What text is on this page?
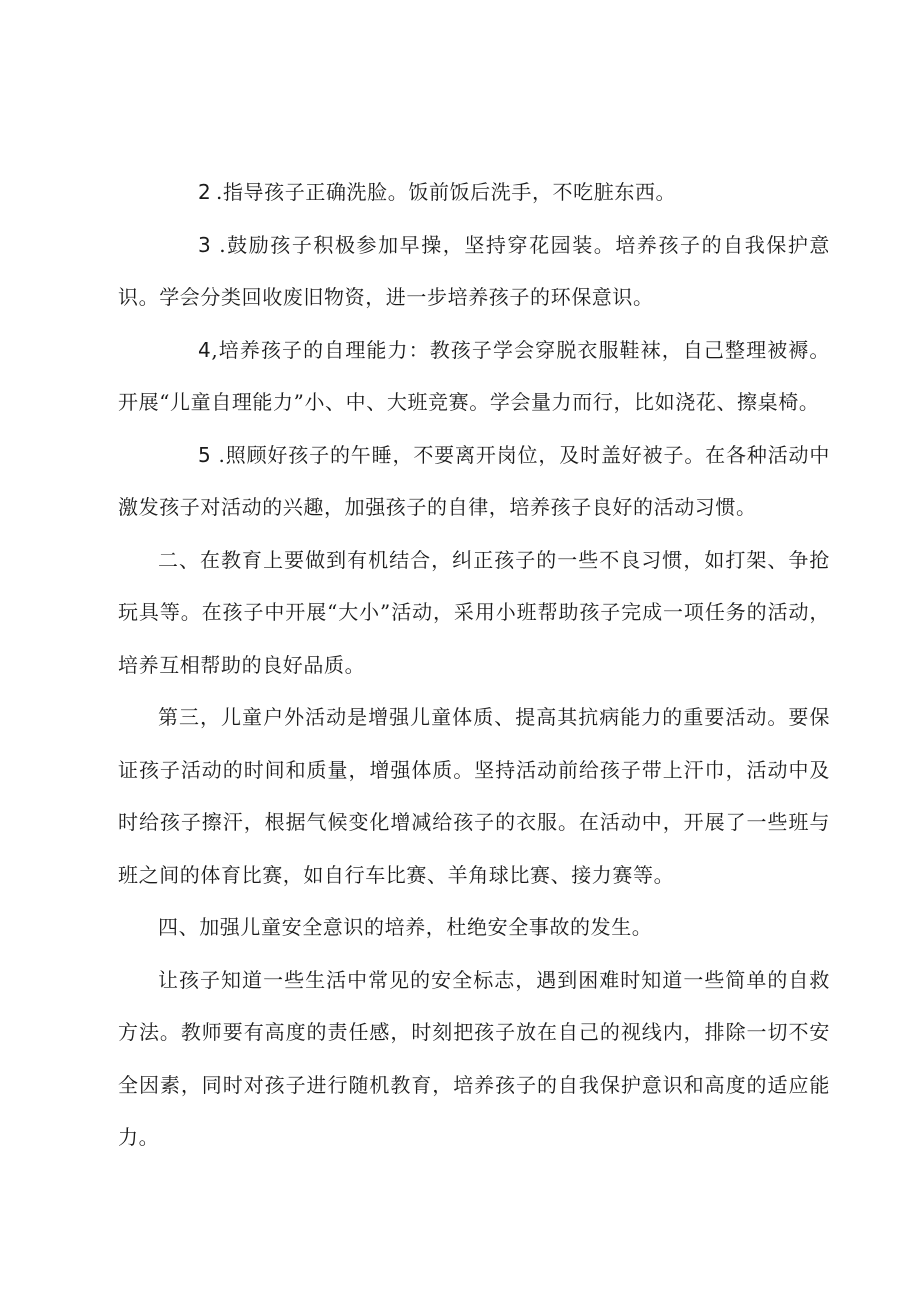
2 .指导孩子正确洗脸。饭前饭后洗手，不吃脏东西。

3 .鼓励孩子积极参加早操，坚持穿花园装。培养孩子的自我保护意识。学会分类回收废旧物资，进一步培养孩子的环保意识。

4,培养孩子的自理能力：教孩子学会穿脱衣服鞋袜，自己整理被褥。开展“儿童自理能力”小、中、大班竞赛。学会量力而行，比如浇花、擦桌椅。

5 .照顾好孩子的午睡，不要离开岗位，及时盖好被子。在各种活动中激发孩子对活动的兴趣，加强孩子的自律，培养孩子良好的活动习惯。

二、在教育上要做到有机结合，纠正孩子的一些不良习惯，如打架、争抢玩具等。在孩子中开展“大小”活动，采用小班帮助孩子完成一项任务的活动，培养互相帮助的良好品质。

第三，儿童户外活动是增强儿童体质、提高其抗病能力的重要活动。要保证孩子活动的时间和质量，增强体质。坚持活动前给孩子带上汗巾，活动中及时给孩子擦汗，根据气候变化增减给孩子的衣服。在活动中，开展了一些班与班之间的体育比赛，如自行车比赛、羊角球比赛、接力赛等。

四、加强儿童安全意识的培养，杜绝安全事故的发生。

让孩子知道一些生活中常见的安全标志，遇到困难时知道一些简单的自救方法。教师要有高度的责任感，时刻把孩子放在自己的视线内，排除一切不安全因素，同时对孩子进行随机教育，培养孩子的自我保护意识和高度的适应能力。
